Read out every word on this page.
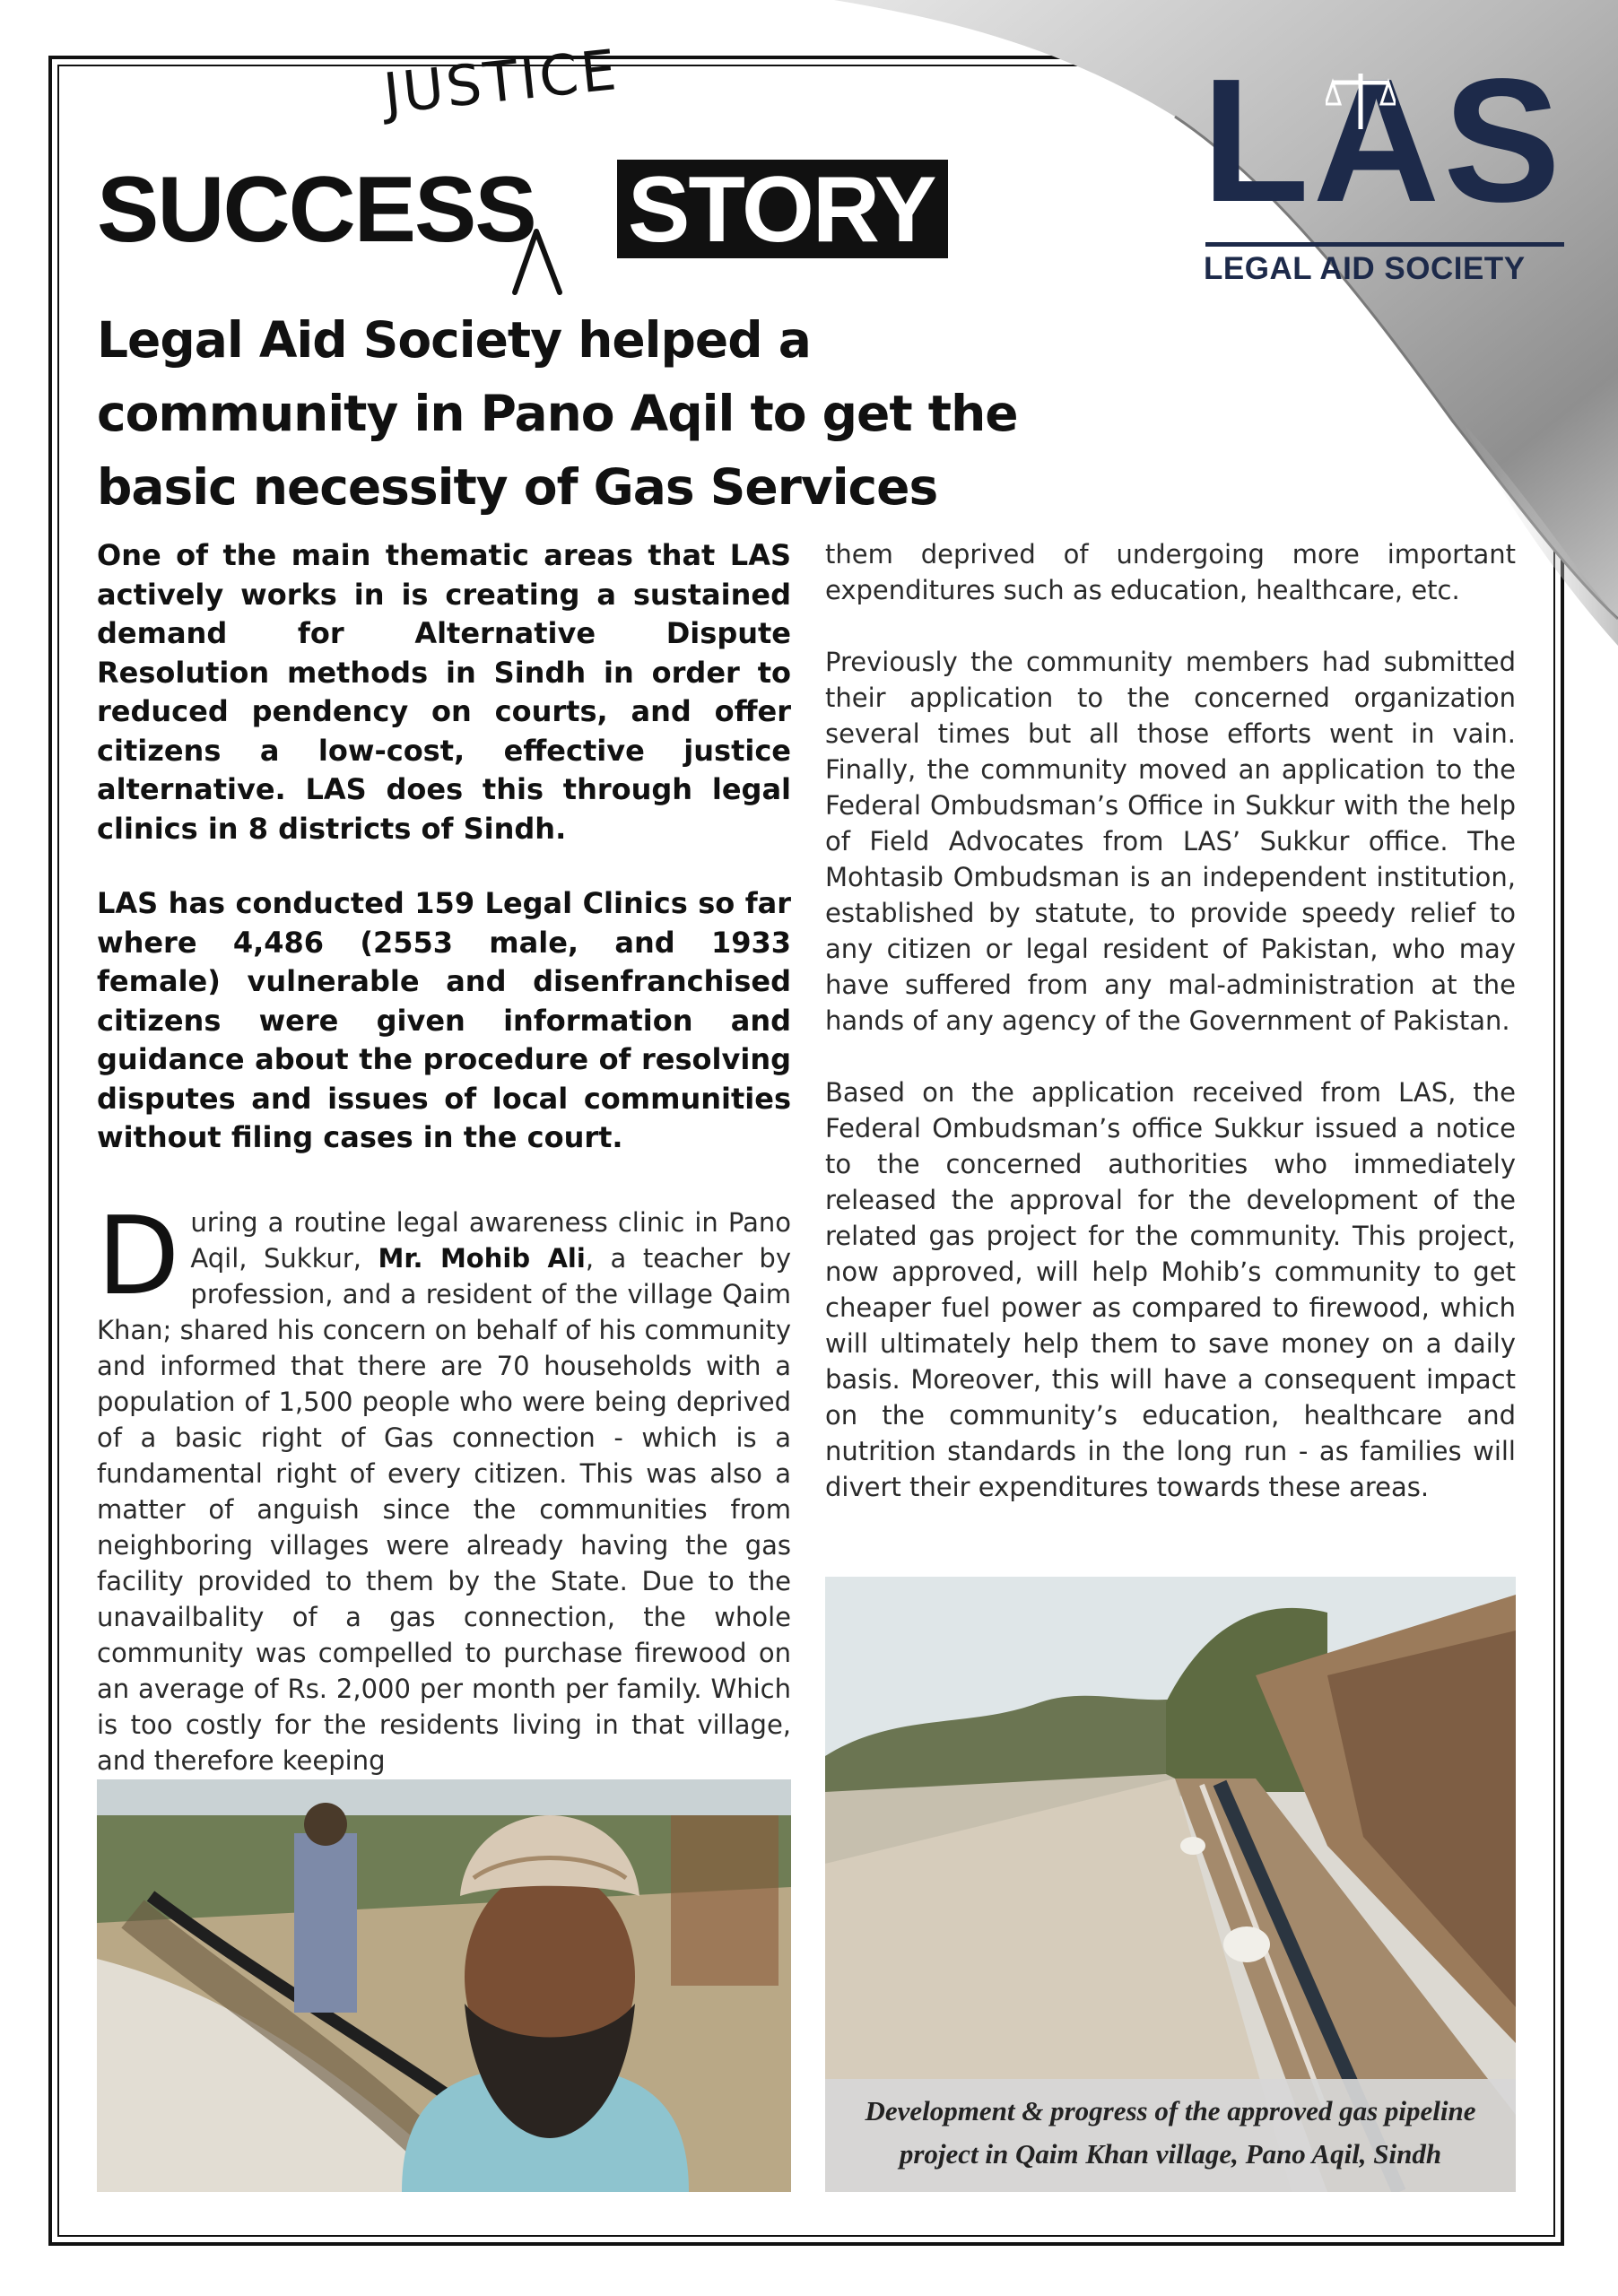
LAS
LEGAL AID SOCIETY
JUSTICE
SUCCESS STORY
Legal Aid Society helped a community in Pano Aqil to get the basic necessity of Gas Services

One of the main thematic areas that LAS actively works in is creating a sustained demand for Alternative Dispute Resolution methods in Sindh in order to reduced pendency on courts, and offer citizens a low-cost, effective justice alternative. LAS does this through legal clinics in 8 districts of Sindh.

LAS has conducted 159 Legal Clinics so far where 4,486 (2553 male, and 1933 female) vulnerable and disenfranchised citizens were given information and guidance about the procedure of resolving disputes and issues of local communities without filing cases in the court.

During a routine legal awareness clinic in Pano Aqil, Sukkur, Mr. Mohib Ali, a teacher by profession, and a resident of the village Qaim Khan; shared his concern on behalf of his community and informed that there are 70 households with a population of 1,500 people who were being deprived of a basic right of Gas connection - which is a fundamental right of every citizen. This was also a matter of anguish since the communities from neighboring villages were already having the gas facility provided to them by the State. Due to the unavailbality of a gas connection, the whole community was compelled to purchase firewood on an average of Rs. 2,000 per month per family. Which is too costly for the residents living in that village, and therefore keeping

them deprived of undergoing more important expenditures such as education, healthcare, etc.

Previously the community members had submitted their application to the concerned organization several times but all those efforts went in vain. Finally, the community moved an application to the Federal Ombudsman’s Office in Sukkur with the help of Field Advocates from LAS’ Sukkur office. The Mohtasib Ombudsman is an independent institution, established by statute, to provide speedy relief to any citizen or legal resident of Pakistan, who may have suffered from any mal-administration at the hands of any agency of the Government of Pakistan.

Based on the application received from LAS, the Federal Ombudsman’s office Sukkur issued a notice to the concerned authorities who immediately released the approval for the development of the related gas project for the community. This project, now approved, will help Mohib’s community to get cheaper fuel power as compared to firewood, which will ultimately help them to save money on a daily basis. Moreover, this will have a consequent impact on the community’s education, healthcare and nutrition standards in the long run - as families will divert their expenditures towards these areas.

Development & progress of the approved gas pipeline project in Qaim Khan village, Pano Aqil, Sindh
